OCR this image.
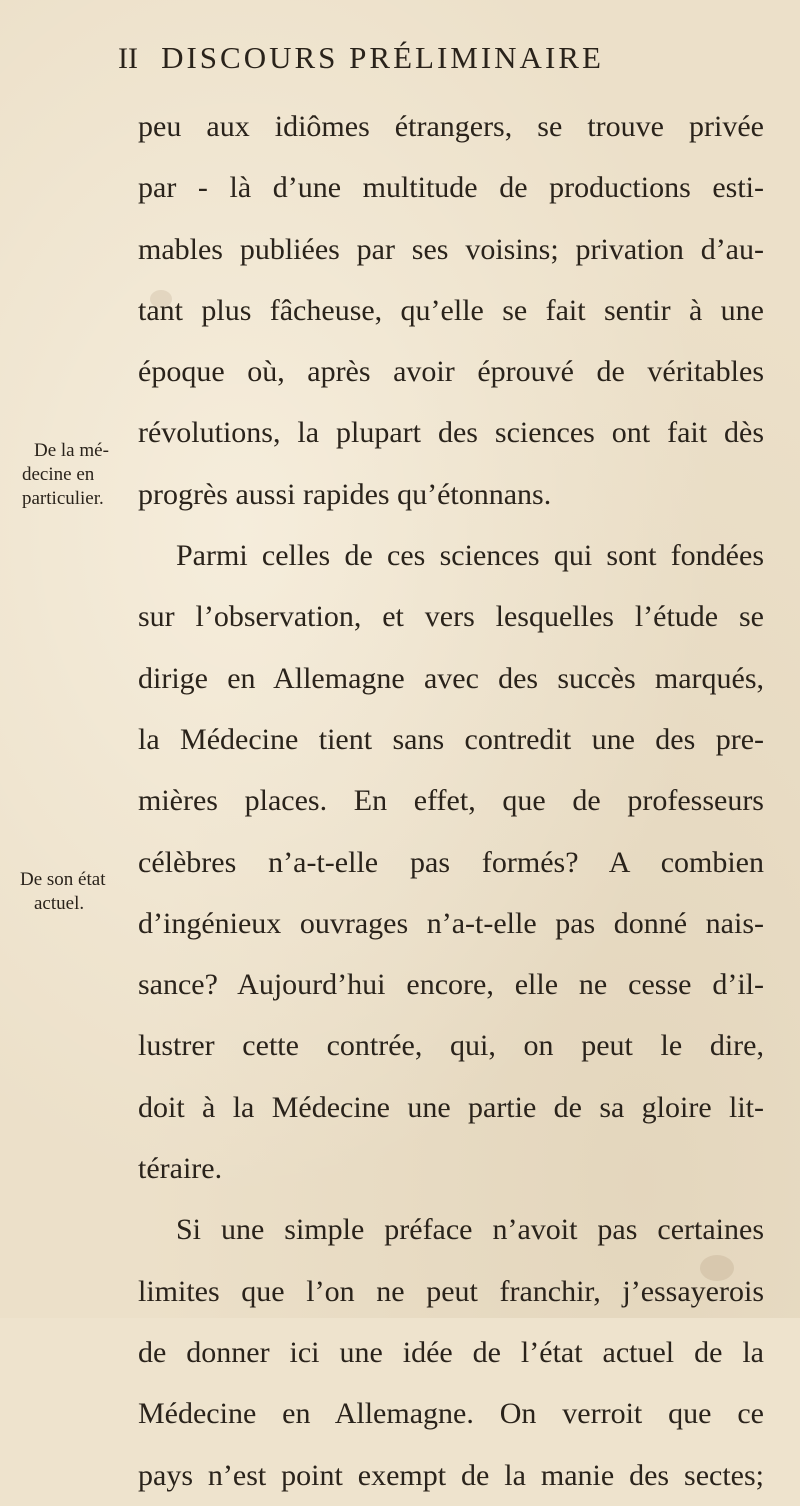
II DISCOURS PRÉLIMINAIRE
De la mé-
decine en
particulier.
De son état
actuel.
peu aux idiômes étrangers, se trouve privée
par - là d’une multitude de productions esti-
mables publiées par ses voisins; privation d’au-
tant plus fâcheuse, qu’elle se fait sentir à une
époque où, après avoir éprouvé de véritables
révolutions, la plupart des sciences ont fait dès
progrès aussi rapides qu’étonnans.
Parmi celles de ces sciences qui sont fondées
sur l’observation, et vers lesquelles l’étude se
dirige en Allemagne avec des succès marqués,
la Médecine tient sans contredit une des pre-
mières places. En effet, que de professeurs
célèbres n’a-t-elle pas formés? A combien
d’ingénieux ouvrages n’a-t-elle pas donné nais-
sance? Aujourd’hui encore, elle ne cesse d’il-
lustrer cette contrée, qui, on peut le dire,
doit à la Médecine une partie de sa gloire lit-
téraire.
Si une simple préface n’avoit pas certaines
limites que l’on ne peut franchir, j’essayerois
de donner ici une idée de l’état actuel de la
Médecine en Allemagne. On verroit que ce
pays n’est point exempt de la manie des sectes;
